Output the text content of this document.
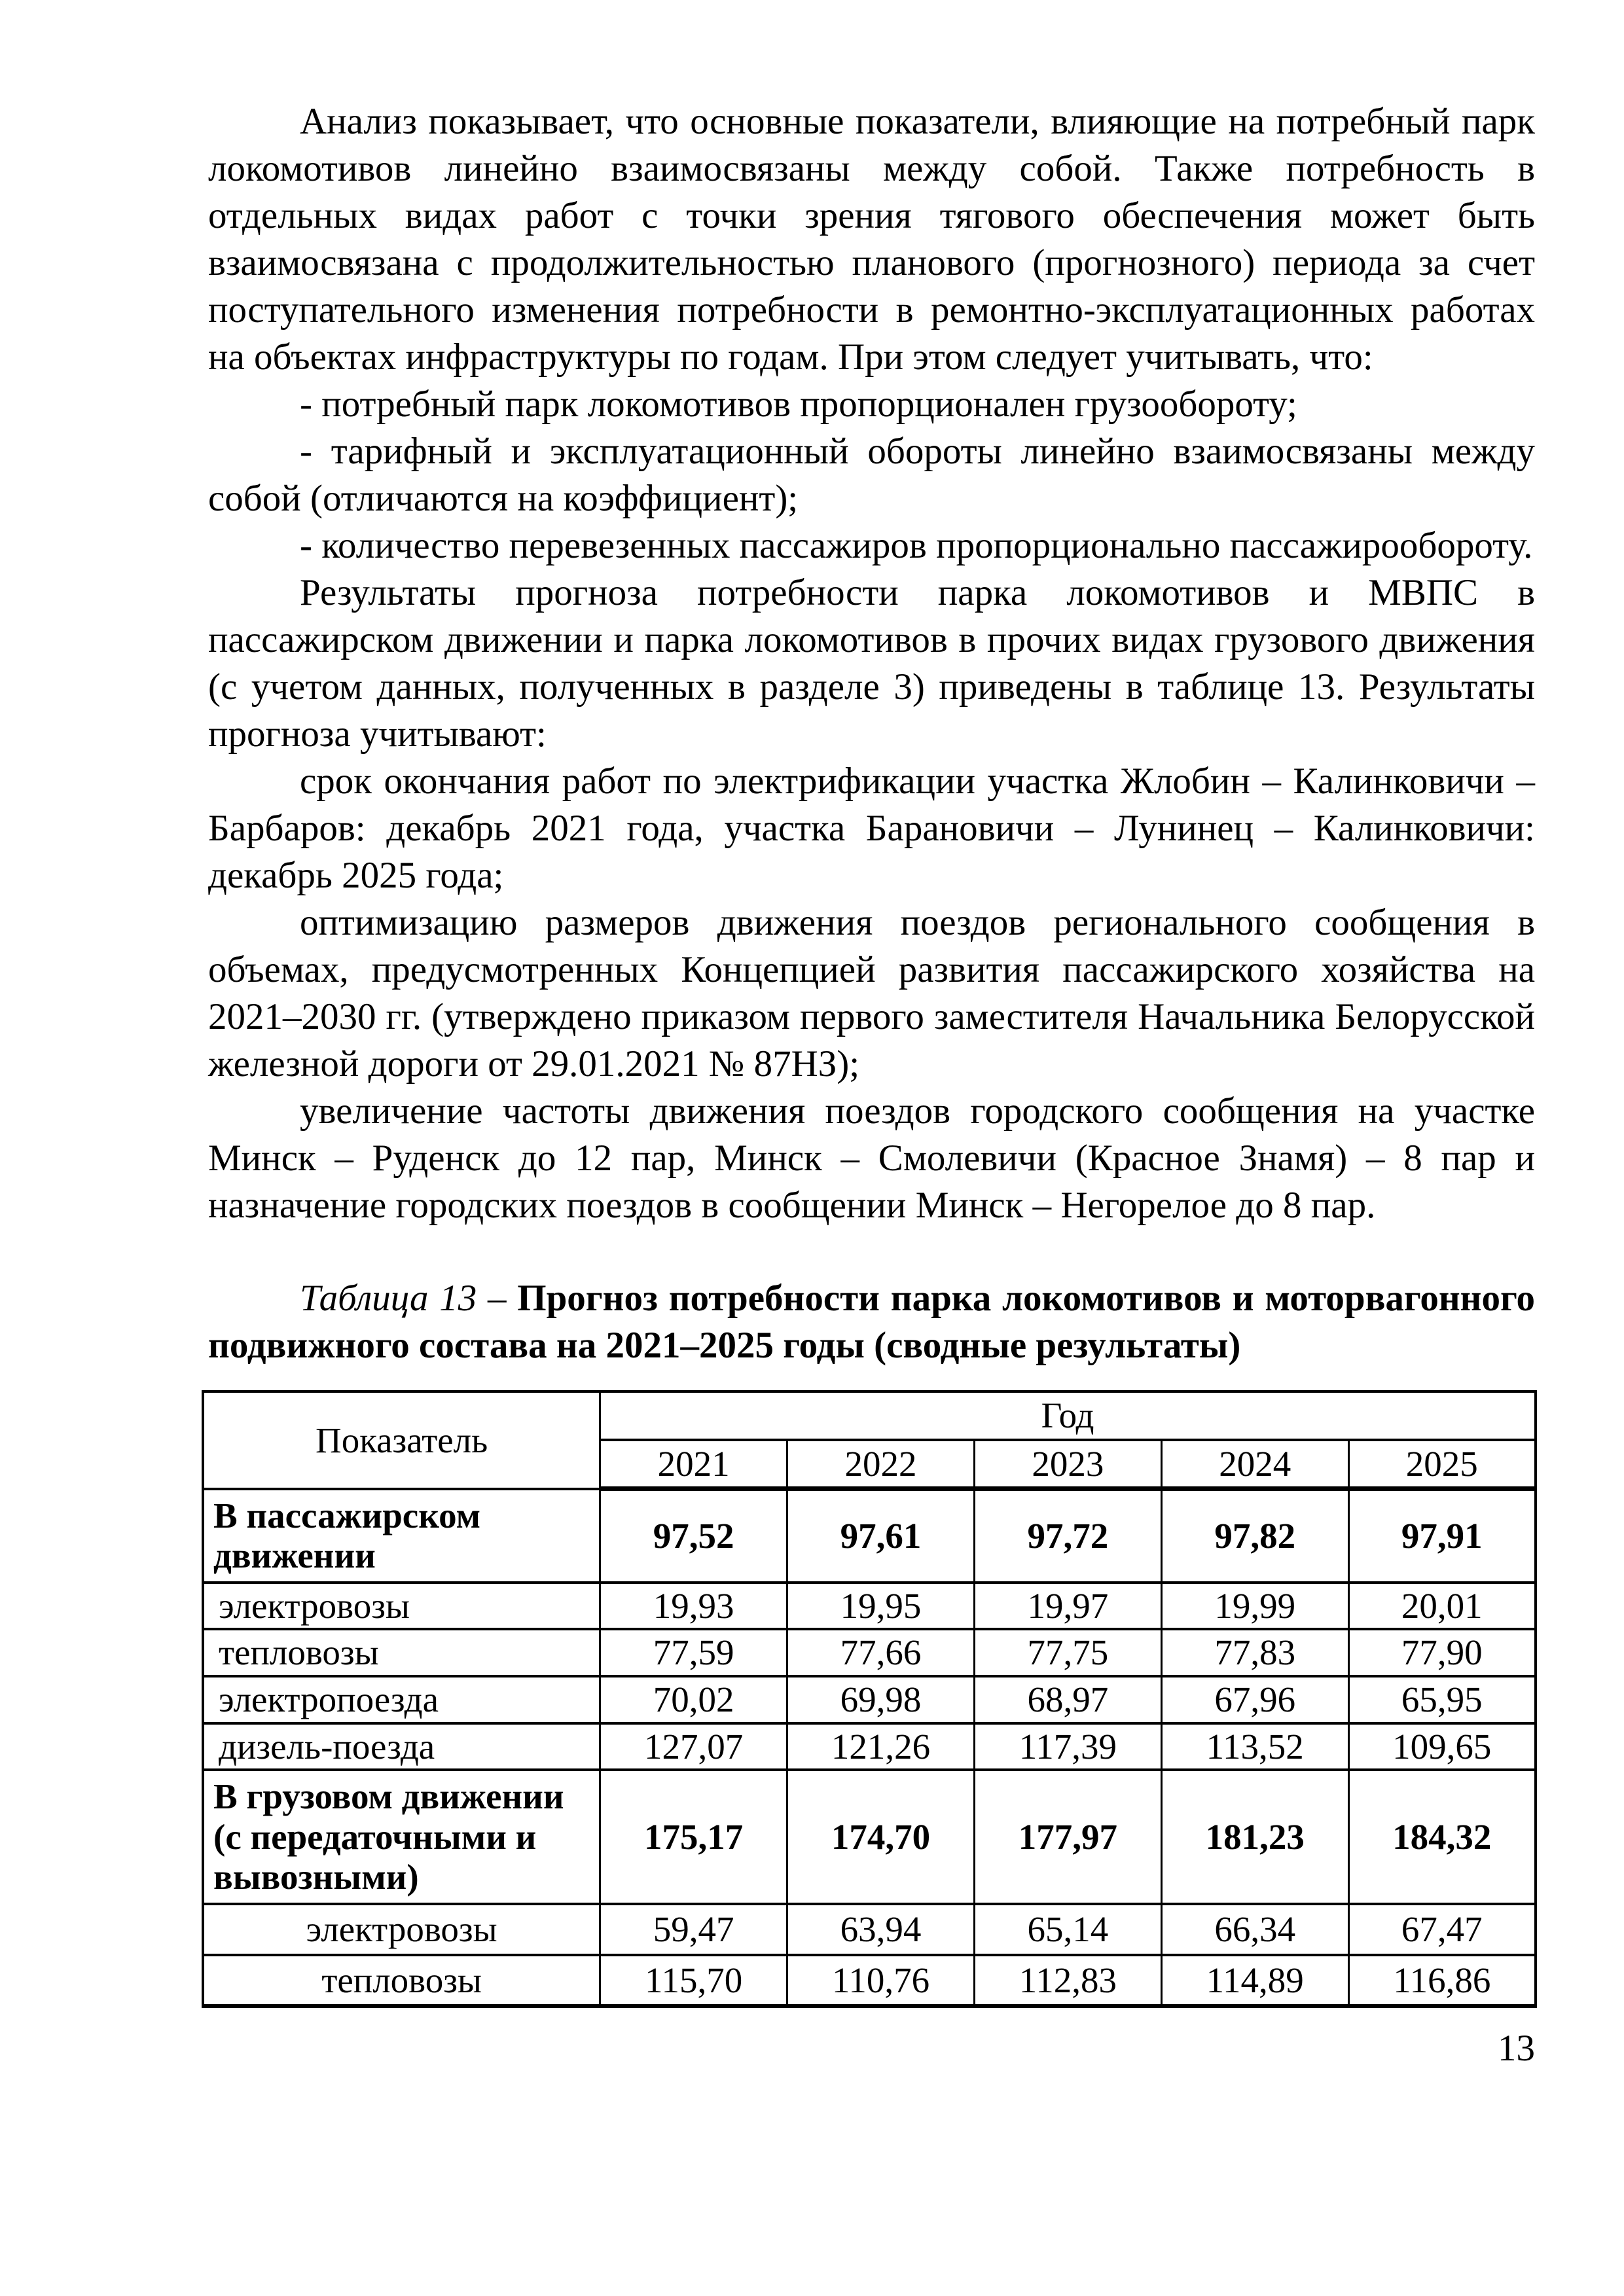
Анализ показывает, что основные показатели, влияющие на потребный парк локомотивов линейно взаимосвязаны между собой. Также потребность в отдельных видах работ с точки зрения тягового обеспечения может быть взаимосвязана с продолжительностью планового (прогнозного) периода за счет поступательного изменения потребности в ремонтно-эксплуатационных работах на объектах инфраструктуры по годам. При этом следует учитывать, что:

- потребный парк локомотивов пропорционален грузообороту;

- тарифный и эксплуатационный обороты линейно взаимосвязаны между собой (отличаются на коэффициент);

- количество перевезенных пассажиров пропорционально пассажирообороту.

Результаты прогноза потребности парка локомотивов и МВПС в пассажирском движении и парка локомотивов в прочих видах грузового движения (с учетом данных, полученных в разделе 3) приведены в таблице 13. Результаты прогноза учитывают:

срок окончания работ по электрификации участка Жлобин – Калинковичи – Барбаров: декабрь 2021 года, участка Барановичи – Лунинец – Калинковичи: декабрь 2025 года;

оптимизацию размеров движения поездов регионального сообщения в объемах, предусмотренных Концепцией развития пассажирского хозяйства на 2021–2030 гг. (утверждено приказом первого заместителя Начальника Белорусской железной дороги от 29.01.2021 № 87НЗ);

увеличение частоты движения поездов городского сообщения на участке Минск – Руденск до 12 пар, Минск – Смолевичи (Красное Знамя) – 8 пар и назначение городских поездов в сообщении Минск – Негорелое до 8 пар.

Таблица 13 – Прогноз потребности парка локомотивов и моторвагонного подвижного состава на 2021–2025 годы (сводные результаты)

Показатель	Год				
	2021	2022	2023	2024	2025
В пассажирском движении	97,52	97,61	97,72	97,82	97,91
электровозы	19,93	19,95	19,97	19,99	20,01
тепловозы	77,59	77,66	77,75	77,83	77,90
электропоезда	70,02	69,98	68,97	67,96	65,95
дизель-поезда	127,07	121,26	117,39	113,52	109,65
В грузовом движении (с передаточными и вывозными)	175,17	174,70	177,97	181,23	184,32
электровозы	59,47	63,94	65,14	66,34	67,47
тепловозы	115,70	110,76	112,83	114,89	116,86
13
